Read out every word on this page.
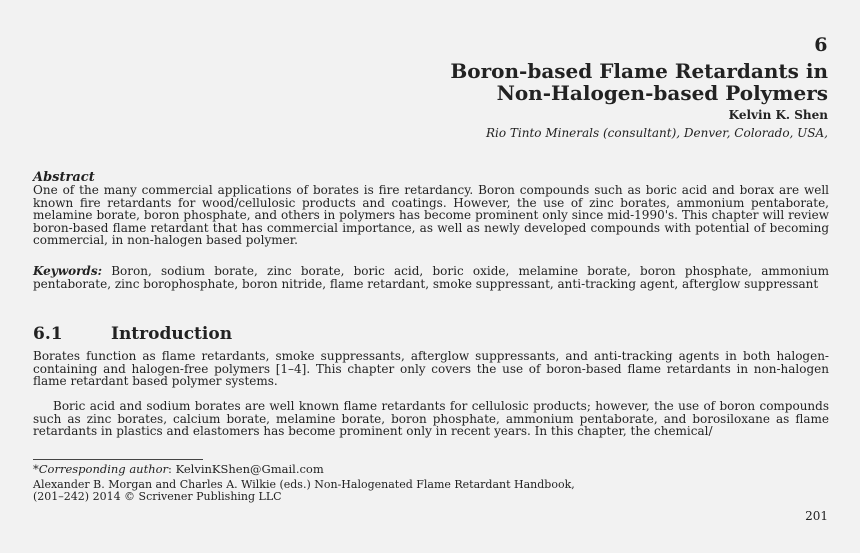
6
Boron-based Flame Retardants in
Non-Halogen-based Polymers
Kelvin K. Shen
Rio Tinto Minerals (consultant), Denver, Colorado, USA,
Abstract
One of the many commercial applications of borates is fire retardancy. Boron compounds such as boric acid and borax are well known fire retardants for wood/cellulosic products and coatings. However, the use of zinc borates, ammonium pentaborate, melamine borate, boron phosphate, and others in polymers has become prominent only since mid-1990's. This chapter will review boron-based flame retardant that has commercial importance, as well as newly developed compounds with potential of becoming commercial, in non-halogen based polymer.
Keywords: Boron, sodium borate, zinc borate, boric acid, boric oxide, melamine borate, boron phosphate, ammonium pentaborate, zinc borophosphate, boron nitride, flame retardant, smoke suppressant, anti-tracking agent, afterglow suppressant
6.1	Introduction

Borates function as flame retardants, smoke suppressants, afterglow suppressants, and anti-tracking agents in both halogen-containing and halogen-free polymers [1–4]. This chapter only covers the use of boron-based flame retardants in non-halogen flame retardant based polymer systems.

Boric acid and sodium borates are well known flame retardants for cellulosic products; however, the use of boron compounds such as zinc borates, calcium borate, melamine borate, boron phosphate, ammonium pentaborate, and borosiloxane as flame retardants in plastics and elastomers has become prominent only in recent years. In this chapter, the chemical/

*Corresponding author: KelvinKShen@Gmail.com
Alexander B. Morgan and Charles A. Wilkie (eds.) Non-Halogenated Flame Retardant Handbook,
(201–242) 2014 © Scrivener Publishing LLC
201
